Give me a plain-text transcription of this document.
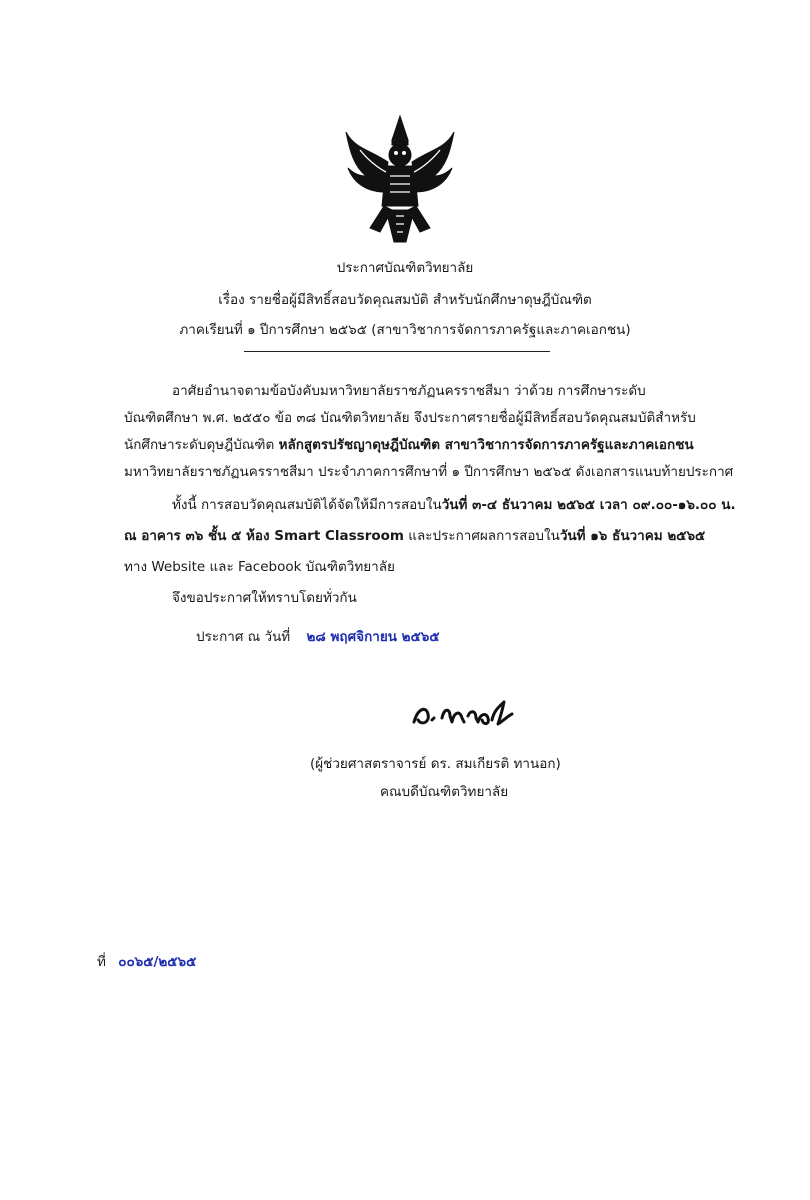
ประกาศบัณฑิตวิทยาลัย
เรื่อง รายชื่อผู้มีสิทธิ์สอบวัดคุณสมบัติ สำหรับนักศึกษาดุษฎีบัณฑิต
ภาคเรียนที่ ๑ ปีการศึกษา ๒๕๖๕ (สาขาวิชาการจัดการภาครัฐและภาคเอกชน)
อาศัยอำนาจตามข้อบังคับมหาวิทยาลัยราชภัฏนครราชสีมา ว่าด้วย การศึกษาระดับ
บัณฑิตศึกษา พ.ศ. ๒๕๕๐ ข้อ ๓๘ บัณฑิตวิทยาลัย จึงประกาศรายชื่อผู้มีสิทธิ์สอบวัดคุณสมบัติสำหรับ
นักศึกษาระดับดุษฎีบัณฑิต หลักสูตรปรัชญาดุษฎีบัณฑิต สาขาวิชาการจัดการภาครัฐและภาคเอกชน
มหาวิทยาลัยราชภัฏนครราชสีมา ประจำภาคการศึกษาที่ ๑ ปีการศึกษา ๒๕๖๕ ดังเอกสารแนบท้ายประกาศ
ทั้งนี้ การสอบวัดคุณสมบัติได้จัดให้มีการสอบในวันที่ ๓-๔ ธันวาคม ๒๕๖๕ เวลา ๐๙.๐๐-๑๖.๐๐ น.
ณ อาคาร ๓๖ ชั้น ๕ ห้อง Smart Classroom และประกาศผลการสอบในวันที่ ๑๖ ธันวาคม ๒๕๖๕
ทาง Website และ Facebook บัณฑิตวิทยาลัย
จึงขอประกาศให้ทราบโดยทั่วกัน
ประกาศ ณ วันที่ ๒๘ พฤศจิกายน ๒๕๖๕
(ผู้ช่วยศาสตราจารย์ ดร. สมเกียรติ ทานอก)
คณบดีบัณฑิตวิทยาลัย
ที่ ๐๐๖๕/๒๕๖๕
